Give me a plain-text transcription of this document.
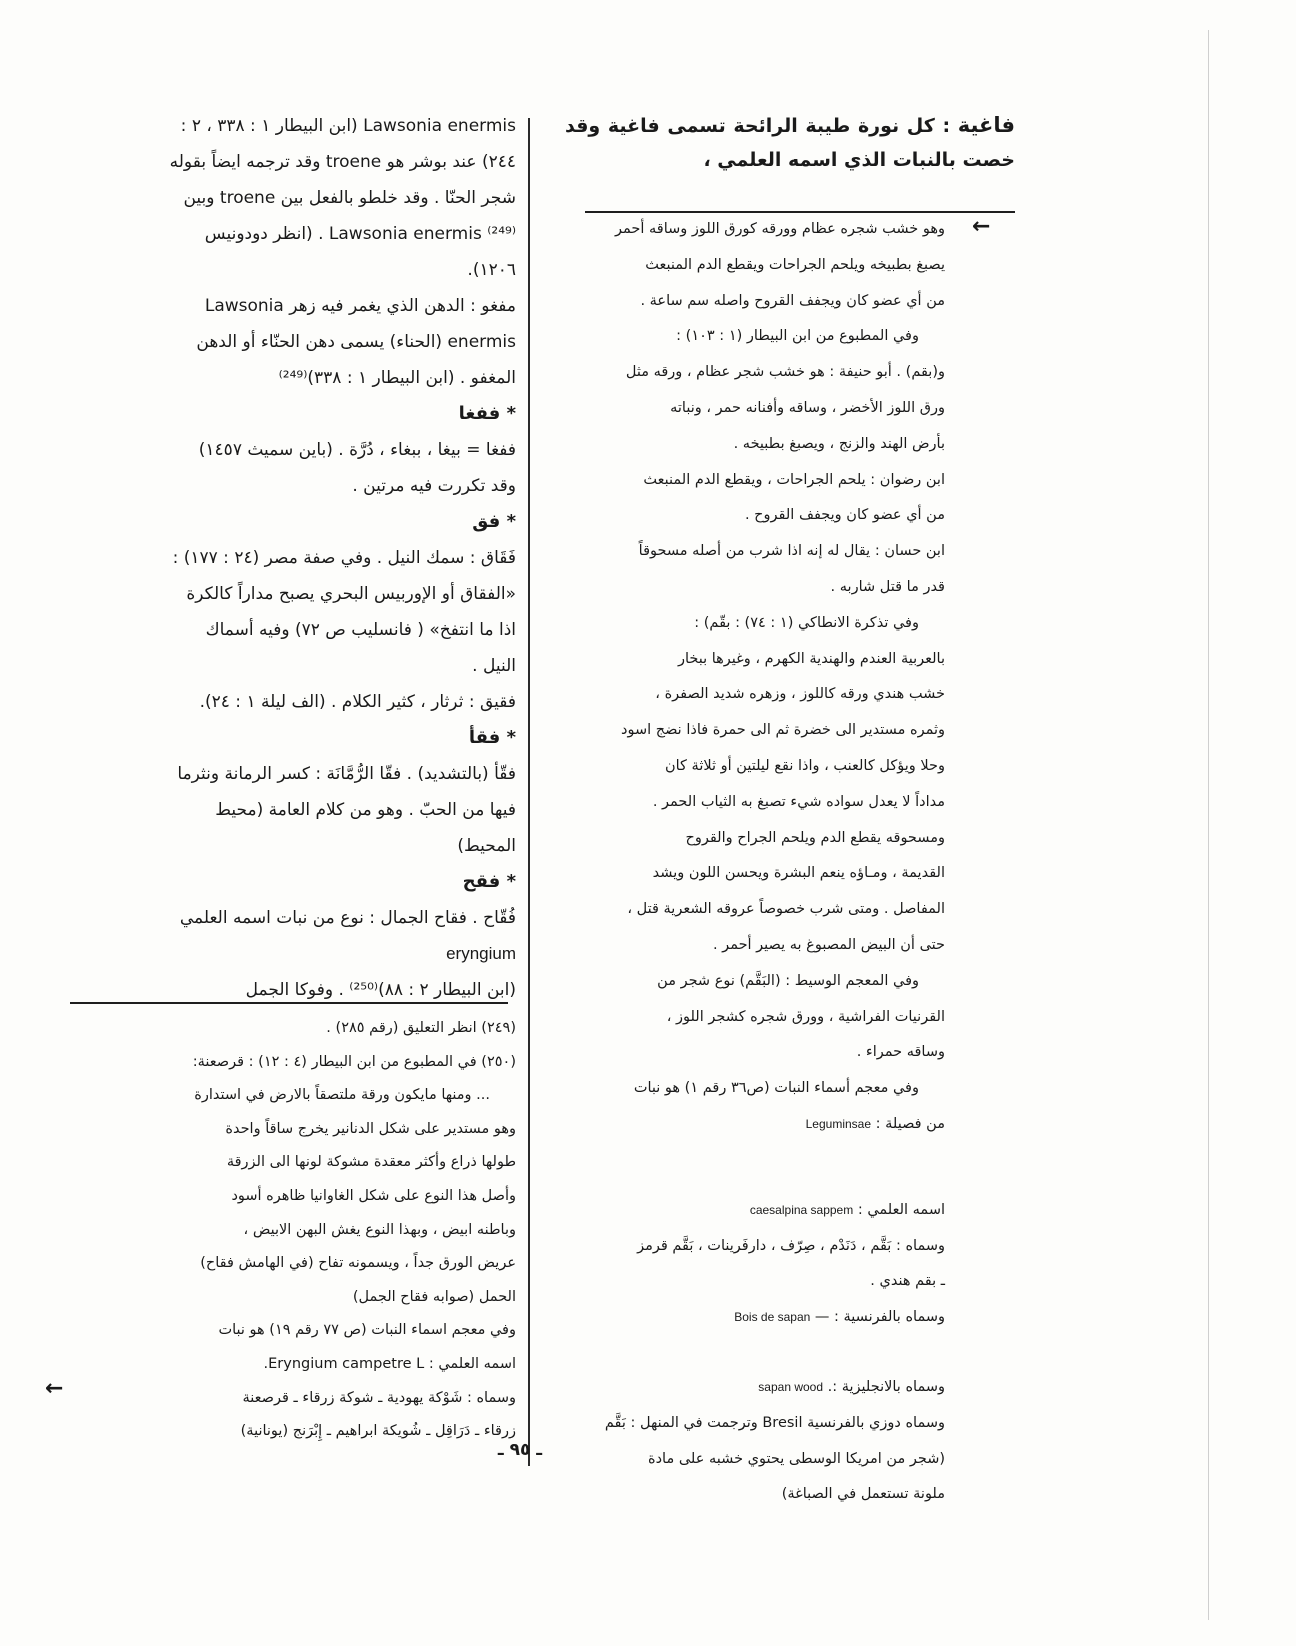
فاغية : كل نورة طيبة الرائحة تسمى فاغية وقد خصت بالنبات الذي اسمه العلمي ،

←

وهو خشب شجره عظام وورقه كورق اللوز وساقه أحمر

يصبغ بطبيخه ويلحم الجراحات ويقطع الدم المنبعث

من أي عضو كان ويجفف القروح واصله سم ساعة .

وفي المطبوع من ابن البيطار (١ : ١٠٣) :

و(بقم) . أبو حنيفة : هو خشب شجر عظام ، ورقه مثل

ورق اللوز الأخضر ، وساقه وأفنانه حمر ، ونباته

بأرض الهند والزنج ، ويصبغ بطبيخه .

ابن رضوان : يلحم الجراحات ، ويقطع الدم المنبعث

من أي عضو كان ويجفف القروح .

ابن حسان : يقال له إنه اذا شرب من أصله مسحوقاً

قدر ما قتل شاربه .

وفي تذكرة الانطاكي (١ : ٧٤) : بقّم) :

بالعربية العندم والهندية الكهرم ، وغيرها ببخار

خشب هندي ورقه كاللوز ، وزهره شديد الصفرة ،

وثمره مستدير الى خضرة ثم الى حمرة فاذا نضج اسود

وحلا ويؤكل كالعنب ، واذا نقع ليلتين أو ثلاثة كان

مداداً لا يعدل سواده شيء تصبغ به الثياب الحمر .

ومسحوقه يقطع الدم ويلحم الجراح والقروح

القديمة ، ومـاؤه ينعم البشرة ويحسن اللون ويشد

المفاصل . ومتى شرب خصوصاً عروقه الشعرية قتل ،

حتى أن البيض المصبوغ به يصير أحمر .

وفي المعجم الوسيط : (البَقَّم) نوع شجر من

القرنيات الفراشية ، وورق شجره كشجر اللوز ،

وساقه حمراء .

وفي معجم أسماء النبات (ص٣٦ رقم ١) هو نبات

من فصيلة : Leguminsae

اسمه العلمي : caesalpina sappem

وسماه : بَقَّم ، دَنَدْم ، صِرّف ، دارفَرينات ، بَقَّم قرمز

ـ بقم هندي .

وسماه بالفرنسية : — Bois de sapan

وسماه بالانجليزية :. sapan wood

وسماه دوزي بالفرنسية Bresil وترجمت في المنهل : بَقَّم

(شجر من امريكا الوسطى يحتوي خشبه على مادة

ملونة تستعمل في الصباغة)

Lawsonia enermis (ابن البيطار ١ : ٣٣٨ ، ٢ :

٢٤٤) عند بوشر هو troene وقد ترجمه ايضاً بقوله

شجر الحنّا . وقد خلطو بالفعل بين troene وبين

Lawsonia enermis ⁽²⁴⁹⁾ . (انظر دودونيس

١٢٠٦).

مفغو : الدهن الذي يغمر فيه زهر Lawsonia

enermis (الحناء) يسمى دهن الحنّاء أو الدهن

المغفو . (ابن البيطار ١ : ٣٣٨)⁽²⁴⁹⁾

* ففغا

ففغا = بيغا ، ببغاء ، دُرَّة . (باين سميث ١٤٥٧)

وقد تكررت فيه مرتين .

* فق

فَقَاق : سمك النيل . وفي صفة مصر (٢٤ : ١٧٧) :

«الفقاق أو الإوربيس البحري يصبح مداراً كالكرة

اذا ما انتفخ» ( فانسليب ص ٧٢) وفيه أسماك

النيل .

فقيق : ثرثار ، كثير الكلام . (الف ليلة ١ : ٢٤).

* فقأ

فقّأ (بالتشديد) . فقّا الرُّمَّانَة : كسر الرمانة ونثرما

فيها من الحبّ . وهو من كلام العامة (محيط

المحيط)

* فقح

فُقّاح . فقاح الجمال : نوع من نبات اسمه العلمي

eryngium

(ابن البيطار ٢ : ٨٨)⁽²⁵⁰⁾ . وفوكا الجمل

(٢٤٩) انظر التعليق (رقم ٢٨٥) .

(٢٥٠) في المطبوع من ابن البيطار (٤ : ١٢) : قرصعنة:

... ومنها مايكون ورقة ملتصقاً بالارض في استدارة

وهو مستدير على شكل الدنانير يخرج ساقاً واحدة

طولها ذراع وأكثر معقدة مشوكة لونها الى الزرقة

وأصل هذا النوع على شكل الغاوانيا ظاهره أسود

وباطنه ابيض ، وبهذا النوع يغش البهن الابيض ،

عريض الورق جداً ، ويسمونه تفاح (في الهامش فقاح)

الحمل (صوابه فقاح الجمل)

وفي معجم اسماء النبات (ص ٧٧ رقم ١٩) هو نبات

اسمه العلمي : Eryngium campetre L.

وسماه : شَوْكة يهودية ـ شوكة زرقاء ـ قرصعنة

زرقاء ـ دَرَاقِل ـ شُويكة ابراهيم ـ إِبْرَنج (يونانية)

←
ـ ٩٥ ـ
